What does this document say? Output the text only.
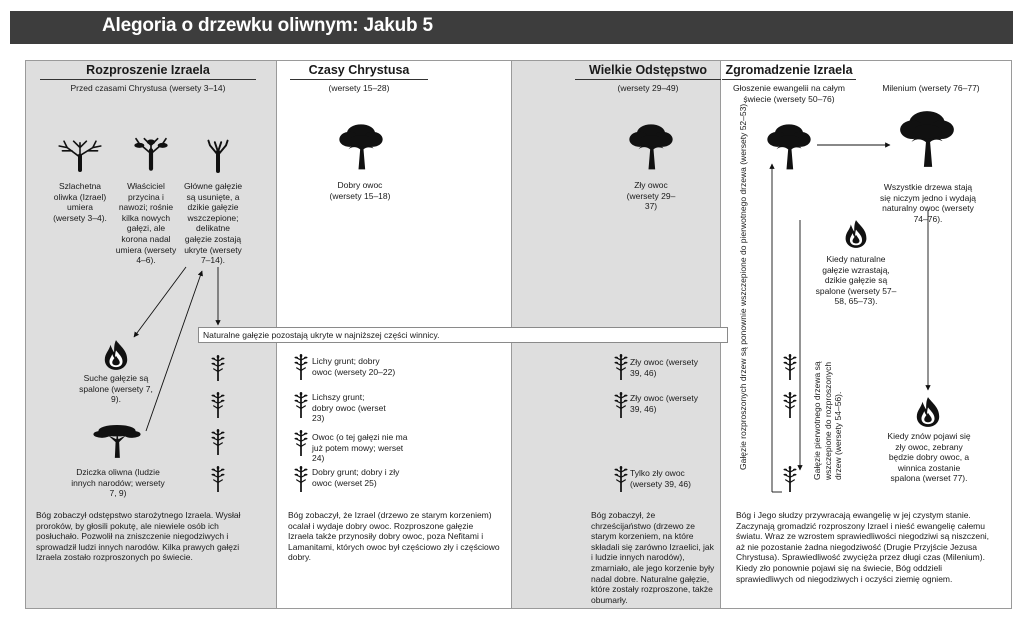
Alegoria o drzewku oliwnym: Jakub 5
Rozproszenie Izraela	Czasy Chrystusa	Wielkie Odstępstwo	Zgromadzenie Izraela
Przed czasami Chrystusa (wersety 3–14)	(wersety 15–28)	(wersety 29–49)	Głoszenie ewangelii na całym świecie (wersety 50–76)
Milenium (wersety 76–77)
Szlachetna oliwka (Izrael) umiera (wersety 3–4).
Właściciel przycina i nawozi; rośnie kilka nowych gałęzi, ale korona nadal umiera (wersety 4–6).
Główne gałęzie są usunięte, a dzikie gałęzie wszczepione; delikatne gałęzie zostają ukryte (wersety 7–14).
Suche gałęzie są spalone (wersety 7, 9).
Dziczka oliwna (ludzie innych narodów; wersety 7, 9)
Bóg zobaczył odstępstwo starożytnego Izraela. Wysłał proroków, by głosili pokutę, ale niewiele osób ich posłuchało. Pozwolił na zniszczenie niegodziwych i sprowadził ludzi innych narodów. Kilka prawych gałęzi Izraela zostało rozproszonych po świecie.
Dobry owoc (wersety 15–18)
Lichy grunt; dobry owoc (wersety 20–22)
Lichszy grunt; dobry owoc (werset 23)
Owoc (o tej gałęzi nie ma już potem mowy; werset 24)
Dobry grunt; dobry i zły owoc (werset 25)
Bóg zobaczył, że Izrael (drzewo ze starym korzeniem) ocalał i wydaje dobry owoc. Rozproszone gałęzie Izraela także przynosiły dobry owoc, poza Nefitami i Lamanitami, których owoc był częściowo zły i częściowo dobry.
Zły owoc (wersety 29–37)
Zły owoc (wersety 39, 46)
Zły owoc (wersety 39, 46)
Tylko zły owoc (wersety 39, 46)
Bóg zobaczył, że chrześcijaństwo (drzewo ze starym korzeniem, na które składali się zarówno Izraelici, jak i ludzie innych narodów), zmarniało, ale jego korzenie były nadal dobre. Naturalne gałęzie, które zostały rozproszone, także obumarły.
Naturalne gałęzie pozostają ukryte w najniższej części winnicy.
Wszystkie drzewa stają się niczym jedno i wydają naturalny owoc (wersety 74–76).
Kiedy naturalne gałęzie wzrastają, dzikie gałęzie są spalone (wersety 57–58, 65–73).
Kiedy znów pojawi się zły owoc, zebrany będzie dobry owoc, a winnica zostanie spalona (werset 77).
Gałęzie rozproszonych drzew są ponownie wszczepione do pierwotnego drzewa (wersety 52–53).	Gałęzie pierwotnego drzewa są wszczepione do rozproszonych drzew (wersety 54–56).
Bóg i Jego słudzy przywracają ewangelię w jej czystym stanie. Zaczynają gromadzić rozproszony Izrael i nieść ewangelię całemu światu. Wraz ze wzrostem sprawiedliwości niegodziwi są niszczeni, aż nie pozostanie żadna niegodziwość (Drugie Przyjście Jezusa Chrystusa). Sprawiedliwość zwycięża przez długi czas (Milenium). Kiedy zło ponownie pojawi się na świecie, Bóg oddzieli sprawiedliwych od niegodziwych i oczyści ziemię ogniem.
